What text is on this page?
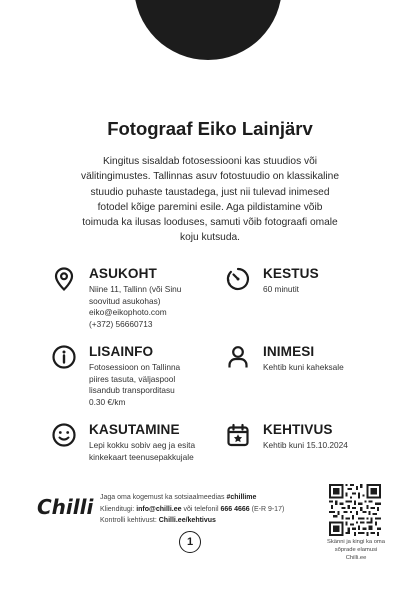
Fotograaf Eiko Lainjärv
Kingitus sisaldab fotosessiooni kas stuudios või
välitingimustes. Tallinnas asuv fotostuudio on klassikaline
stuudio puhaste taustadega, just nii tulevad inimesed
fotodel kõige paremini esile. Aga pildistamine võib
toimuda ka ilusas looduses, samuti võib fotograafi omale
koju kutsuda.
ASUKOHT
Niine 11, Tallinn (või Sinu
soovitud asukohas)
eiko@eikophoto.com
(+372) 56660713
KESTUS
60 minutit
LISAINFO
Fotosessioon on Tallinna
piires tasuta, väljaspool
lisandub transporditasu
0.30 €/km
INIMESI
Kehtib kuni kaheksale
KASUTAMINE
Lepi kokku sobiv aeg ja esita
kinkekaart teenusepakkujale
KEHTIVUS
Kehtib kuni 15.10.2024
Chilli Jaga oma kogemust ka sotsiaalmeedias #chillime
Klienditugi: info@chilli.ee või telefonil 666 4666 (E-R 9-17)
Kontrolli kehtivust: Chilli.ee/kehtivus
Skänni ja kingi ka oma
sõprade elamusi
Chilli.ee
1
